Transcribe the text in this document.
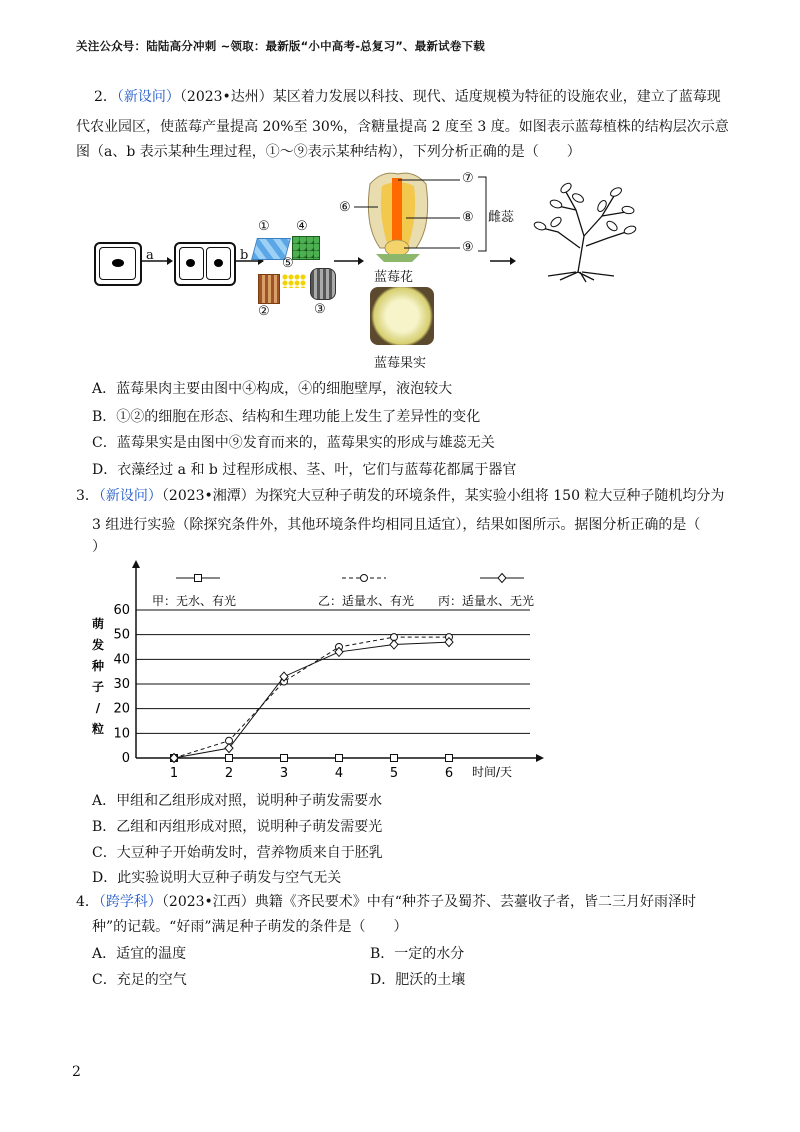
关注公众号：陆陆高分冲刺 ~领取：最新版“小中高考-总复习”、最新试卷下载
2．（新设问）（2023•达州）某区着力发展以科技、现代、适度规模为特征的设施农业，建立了蓝莓现
代农业园区，使蓝莓产量提高 20%至 30%，含糖量提高 2 度至 3 度。如图表示蓝莓植株的结构层次示意
图（a、b 表示某种生理过程，①～⑨表示某种结构），下列分析正确的是（　　）
a	b
① ④
⑤
②	③
⑥
⑦
⑧
⑨
雌蕊
蓝莓花
蓝莓果实
A．蓝莓果肉主要由图中④构成，④的细胞壁厚，液泡较大
B．①②的细胞在形态、结构和生理功能上发生了差异性的变化
C．蓝莓果实是由图中⑨发育而来的，蓝莓果实的形成与雄蕊无关
D．衣藻经过 a 和 b 过程形成根、茎、叶，它们与蓝莓花都属于器官
3．（新设问）（2023•湘潭）为探究大豆种子萌发的环境条件，某实验小组将 150 粒大豆种子随机均分为
3 组进行实验（除探究条件外，其他环境条件均相同且适宜），结果如图所示。据图分析正确的是（
）
萌
发
种
子
/
粒
0
10
20
30
40
50
60
1	2	3	4	5	6 时间/天
甲：无水、有光	乙：适量水、有光 丙：适量水、无光
A．甲组和乙组形成对照，说明种子萌发需要水
B．乙组和丙组形成对照，说明种子萌发需要光
C．大豆种子开始萌发时，营养物质来自于胚乳
D．此实验说明大豆种子萌发与空气无关
4．（跨学科）（2023•江西）典籍《齐民要术》中有“种芥子及蜀芥、芸薹收子者，皆二三月好雨泽时
种”的记载。“好雨”满足种子萌发的条件是（　　）
A．适宜的温度	B．一定的水分
C．充足的空气	D．肥沃的土壤
2
